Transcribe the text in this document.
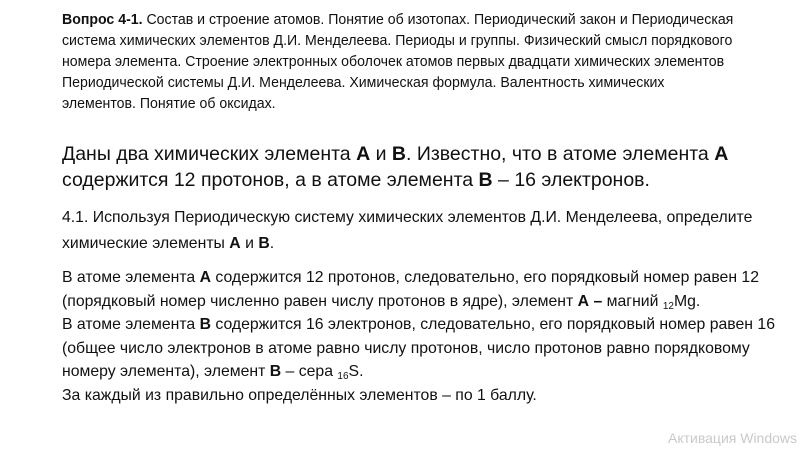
Вопрос 4-1. Состав и строение атомов. Понятие об изотопах. Периодический закон и Периодическая система химических элементов Д.И. Менделеева. Периоды и группы. Физический смысл порядкового номера элемента. Строение электронных оболочек атомов первых двадцати химических элементов Периодической системы Д.И. Менделеева. Химическая формула. Валентность химических элементов. Понятие об оксидах.

Даны два химических элемента А и В. Известно, что в атоме элемента А
содержится 12 протонов, а в атоме элемента В – 16 электронов.

4.1. Используя Периодическую систему химических элементов Д.И. Менделеева, определите химические элементы А и В.

В атоме элемента А содержится 12 протонов, следовательно, его порядковый номер равен 12 (порядковый номер численно равен числу протонов в ядре), элемент А – магний $_{12}$Mg.

В атоме элемента В содержится 16 электронов, следовательно, его порядковый номер равен 16 (общее число электронов в атоме равно числу протонов, число протонов равно порядковому номеру элемента), элемент В – сера $_{16}$S.

За каждый из правильно определённых элементов – по 1 баллу.

Активация Windows
